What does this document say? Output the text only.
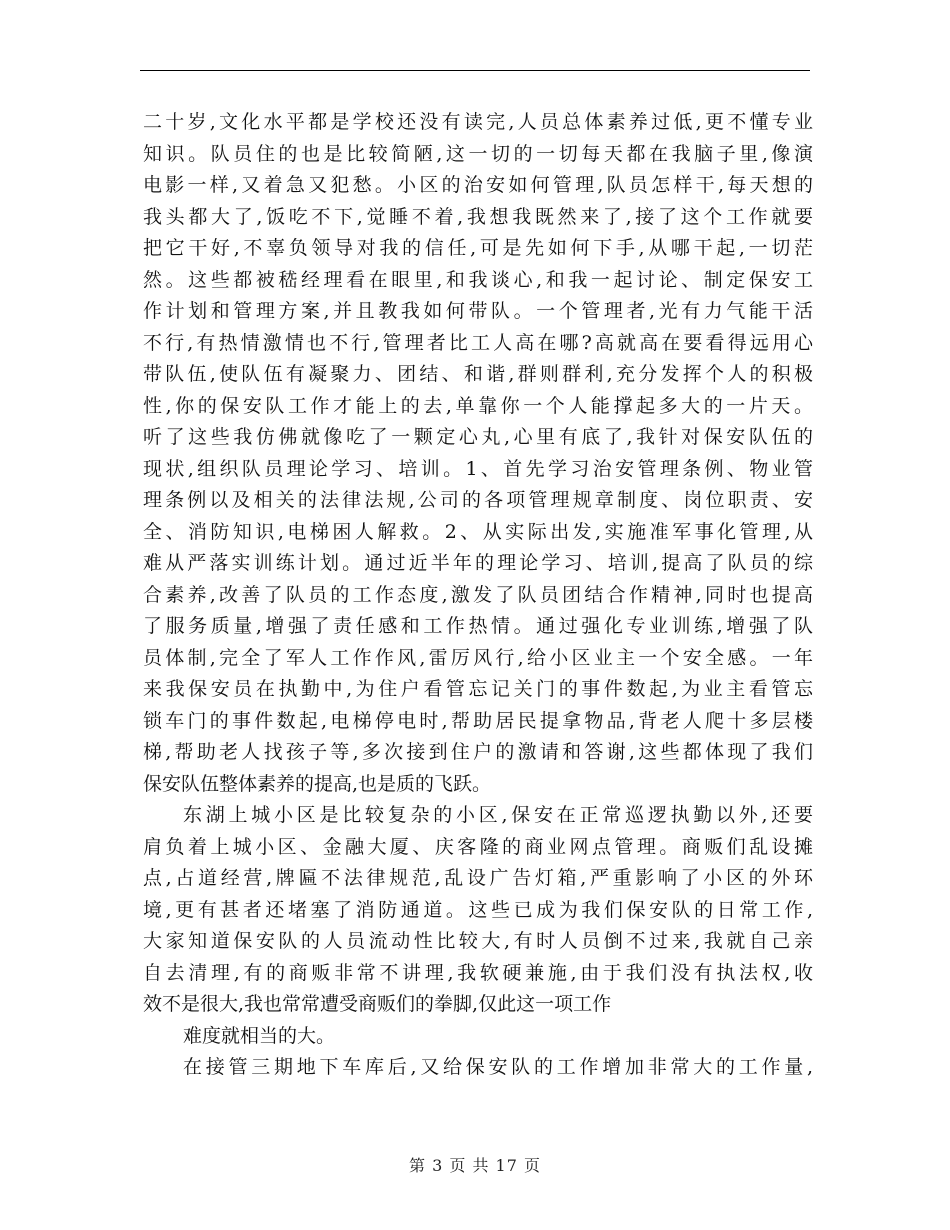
二十岁,文化水平都是学校还没有读完,人员总体素养过低,更不懂专业
知识。队员住的也是比较简陋,这一切的一切每天都在我脑子里,像演
电影一样,又着急又犯愁。小区的治安如何管理,队员怎样干,每天想的
我头都大了,饭吃不下,觉睡不着,我想我既然来了,接了这个工作就要
把它干好,不辜负领导对我的信任,可是先如何下手,从哪干起,一切茫
然。这些都被嵇经理看在眼里,和我谈心,和我一起讨论、制定保安工
作计划和管理方案,并且教我如何带队。一个管理者,光有力气能干活
不行,有热情激情也不行,管理者比工人高在哪?高就高在要看得远用心
带队伍,使队伍有凝聚力、团结、和谐,群则群利,充分发挥个人的积极
性,你的保安队工作才能上的去,单靠你一个人能撑起多大的一片天。
听了这些我仿佛就像吃了一颗定心丸,心里有底了,我针对保安队伍的
现状,组织队员理论学习、培训。1、首先学习治安管理条例、物业管
理条例以及相关的法律法规,公司的各项管理规章制度、岗位职责、安
全、消防知识,电梯困人解救。2、从实际出发,实施准军事化管理,从
难从严落实训练计划。通过近半年的理论学习、培训,提高了队员的综
合素养,改善了队员的工作态度,激发了队员团结合作精神,同时也提高
了服务质量,增强了责任感和工作热情。通过强化专业训练,增强了队
员体制,完全了军人工作作风,雷厉风行,给小区业主一个安全感。一年
来我保安员在执勤中,为住户看管忘记关门的事件数起,为业主看管忘
锁车门的事件数起,电梯停电时,帮助居民提拿物品,背老人爬十多层楼
梯,帮助老人找孩子等,多次接到住户的激请和答谢,这些都体现了我们
保安队伍整体素养的提高,也是质的飞跃。
东湖上城小区是比较复杂的小区,保安在正常巡逻执勤以外,还要
肩负着上城小区、金融大厦、庆客隆的商业网点管理。商贩们乱设摊
点,占道经营,牌匾不法律规范,乱设广告灯箱,严重影响了小区的外环
境,更有甚者还堵塞了消防通道。这些已成为我们保安队的日常工作,
大家知道保安队的人员流动性比较大,有时人员倒不过来,我就自己亲
自去清理,有的商贩非常不讲理,我软硬兼施,由于我们没有执法权,收
效不是很大,我也常常遭受商贩们的拳脚,仅此这一项工作
难度就相当的大。
在接管三期地下车库后,又给保安队的工作增加非常大的工作量,
第 3 页 共 17 页
